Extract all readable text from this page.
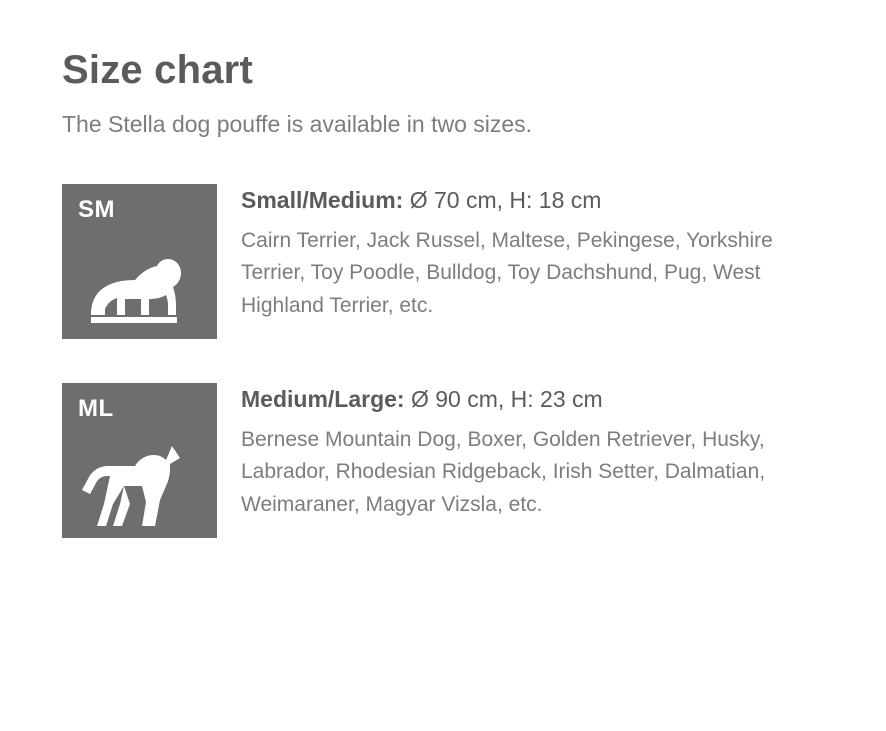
Size chart

The Stella dog pouffe is available in two sizes.

SM	Small/Medium: Ø 70 cm, H: 18 cm

Cairn Terrier, Jack Russel, Maltese, Pekingese, Yorkshire Terrier, Toy Poodle, Bulldog, Toy Dachshund, Pug, West Highland Terrier, etc.

ML	Medium/Large: Ø 90 cm, H: 23 cm

Bernese Mountain Dog, Boxer, Golden Retriever, Husky, Labrador, Rhodesian Ridgeback, Irish Setter, Dalmatian, Weimaraner, Magyar Vizsla, etc.
